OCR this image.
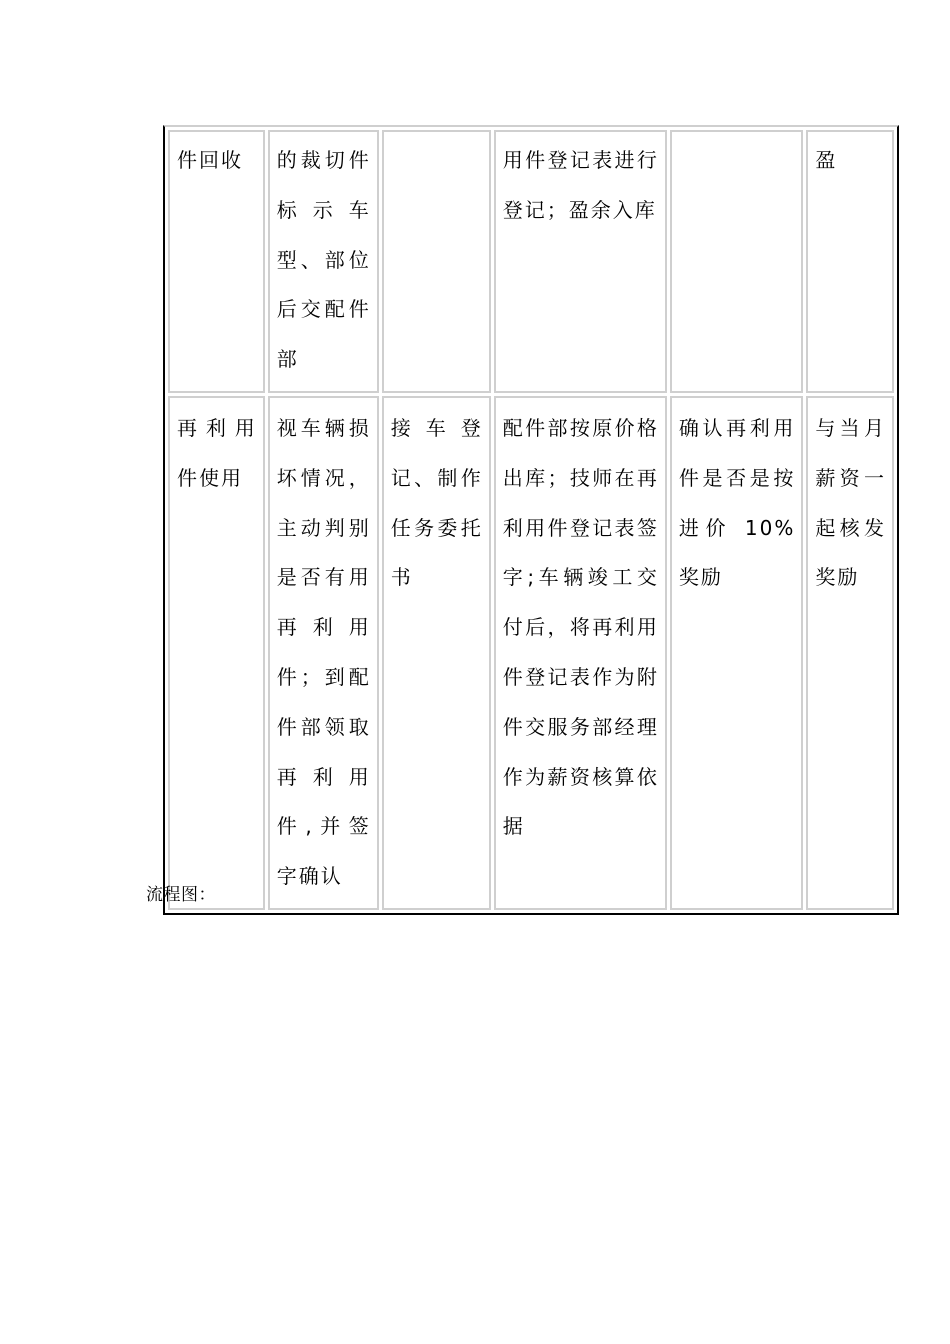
件回收	的裁切件标示车型、部位后交配件部		用件登记表进行登记；盈余入库		盈
再利用件使用	视车辆损坏情况，主动判别是否有用再利用件；到配件部领取再利用件,并签字确认	接车登记、制作任务委托书	配件部按原价格出库；技师在再利用件登记表签字;车辆竣工交付后，将再利用件登记表作为附件交服务部经理作为薪资核算依据	确认再利用件是否是按进价 10%奖励	与当月薪资一起核发奖励
流程图：
